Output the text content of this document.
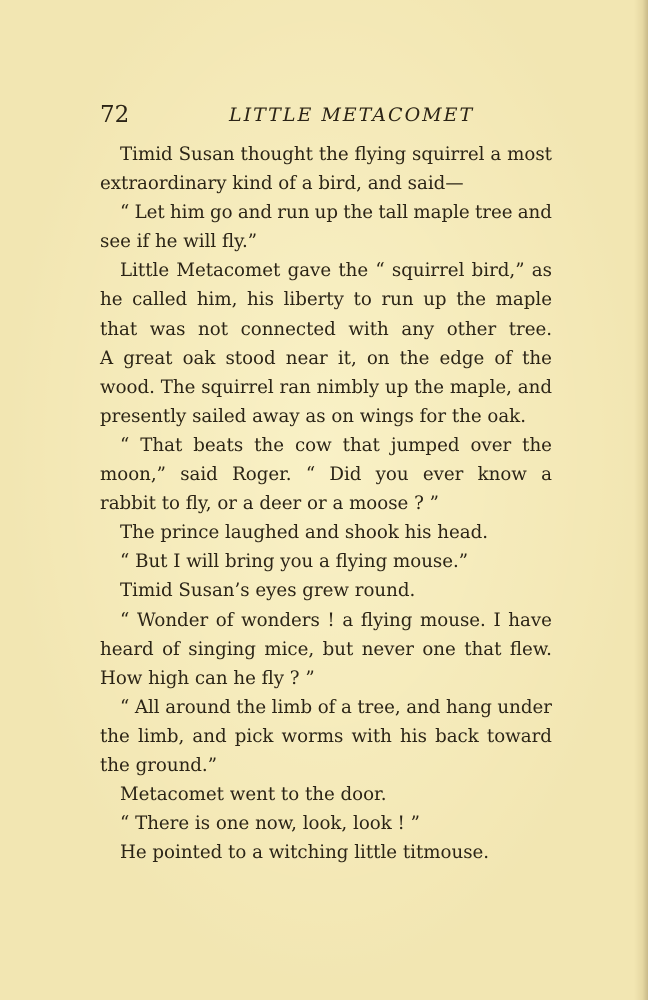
72	LITTLE METACOMET
Timid Susan thought the flying squirrel a most
extraordinary kind of a bird, and said—
“ Let him go and run up the tall maple tree and
see if he will fly.”
Little Metacomet gave the “ squirrel bird,” as
he called him, his liberty to run up the maple
that was not connected with any other tree.
A great oak stood near it, on the edge of the
wood. The squirrel ran nimbly up the maple, and
presently sailed away as on wings for the oak.
“ That beats the cow that jumped over the
moon,” said Roger. “ Did you ever know a
rabbit to fly, or a deer or a moose ? ”
The prince laughed and shook his head.
“ But I will bring you a flying mouse.”
Timid Susan’s eyes grew round.
“ Wonder of wonders ! a flying mouse. I have
heard of singing mice, but never one that flew.
How high can he fly ? ”
“ All around the limb of a tree, and hang under
the limb, and pick worms with his back toward
the ground.”
Metacomet went to the door.
“ There is one now, look, look ! ”
He pointed to a witching little titmouse.
